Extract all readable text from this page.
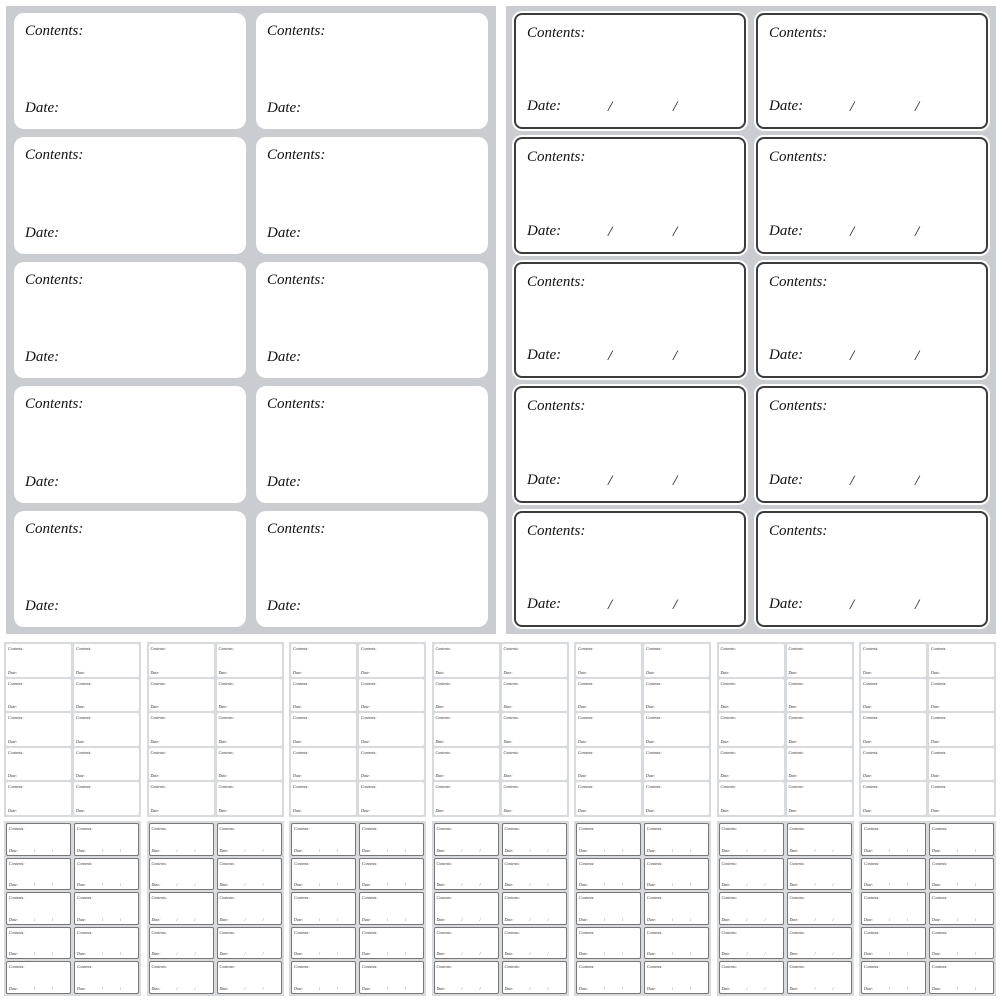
Contents:
Date:
Contents:
Date:
Contents:
Date:
Contents:
Date:
Contents:
Date:
Contents:
Date:
Contents:
Date:
Contents:
Date:
Contents:
Date:
Contents:
Date:
Contents:
Date:	/	/
Contents:
Date:	/	/
Contents:
Date:	/	/
Contents:
Date:	/	/
Contents:
Date:	/	/
Contents:
Date:	/	/
Contents:
Date:	/	/
Contents:
Date:	/	/
Contents:
Date:	/	/
Contents:
Date:	/	/
Contents:
Date:
Contents:
Date:
Contents:
Date:
Contents:
Date:
Contents:
Date:
Contents:
Date:
Contents:
Date:
Contents:
Date:
Contents:
Date:
Contents:
Date:
Contents:
Date:
Contents:
Date:
Contents:
Date:
Contents:
Date:
Contents:
Date:
Contents:
Date:
Contents:
Date:
Contents:
Date:
Contents:
Date:
Contents:
Date:
Contents:
Date:
Contents:
Date:
Contents:
Date:
Contents:
Date:
Contents:
Date:
Contents:
Date:
Contents:
Date:
Contents:
Date:
Contents:
Date:
Contents:
Date:
Contents:
Date:
Contents:
Date:
Contents:
Date:
Contents:
Date:
Contents:
Date:
Contents:
Date:
Contents:
Date:
Contents:
Date:
Contents:
Date:
Contents:
Date:
Contents:
Date:
Contents:
Date:
Contents:
Date:
Contents:
Date:
Contents:
Date:
Contents:
Date:
Contents:
Date:
Contents:
Date:
Contents:
Date:
Contents:
Date:
Contents:
Date:
Contents:
Date:
Contents:
Date:
Contents:
Date:
Contents:
Date:
Contents:
Date:
Contents:
Date:
Contents:
Date:
Contents:
Date:
Contents:
Date:
Contents:
Date:
Contents:
Date:
Contents:
Date:
Contents:
Date:
Contents:
Date:
Contents:
Date:
Contents:
Date:
Contents:
Date:
Contents:
Date:
Contents:
Date:
Contents:
Date:	/	/
Contents:
Date:	/	/
Contents:
Date:	/	/
Contents:
Date:	/	/
Contents:
Date:	/	/
Contents:
Date:	/	/
Contents:
Date:	/	/
Contents:
Date:	/	/
Contents:
Date:	/	/
Contents:
Date:	/	/
Contents:
Date:	/	/
Contents:
Date:	/	/
Contents:
Date:	/	/
Contents:
Date:	/	/
Contents:
Date:	/	/
Contents:
Date:	/	/
Contents:
Date:	/	/
Contents:
Date:	/	/
Contents:
Date:	/	/
Contents:
Date:	/	/
Contents:
Date:	/	/
Contents:
Date:	/	/
Contents:
Date:	/	/
Contents:
Date:	/	/
Contents:
Date:	/	/
Contents:
Date:	/	/
Contents:
Date:	/	/
Contents:
Date:	/	/
Contents:
Date:	/	/
Contents:
Date:	/	/
Contents:
Date:	/	/
Contents:
Date:	/	/
Contents:
Date:	/	/
Contents:
Date:	/	/
Contents:
Date:	/	/
Contents:
Date:	/	/
Contents:
Date:	/	/
Contents:
Date:	/	/
Contents:
Date:	/	/
Contents:
Date:	/	/
Contents:
Date:	/	/
Contents:
Date:	/	/
Contents:
Date:	/	/
Contents:
Date:	/	/
Contents:
Date:	/	/
Contents:
Date:	/	/
Contents:
Date:	/	/
Contents:
Date:	/	/
Contents:
Date:	/	/
Contents:
Date:	/	/
Contents:
Date:	/	/
Contents:
Date:	/	/
Contents:
Date:	/	/
Contents:
Date:	/	/
Contents:
Date:	/	/
Contents:
Date:	/	/
Contents:
Date:	/	/
Contents:
Date:	/	/
Contents:
Date:	/	/
Contents:
Date:	/	/
Contents:
Date:	/	/
Contents:
Date:	/	/
Contents:
Date:	/	/
Contents:
Date:	/	/
Contents:
Date:	/	/
Contents:
Date:	/	/
Contents:
Date:	/	/
Contents:
Date:	/	/
Contents:
Date:	/	/
Contents:
Date:	/	/
